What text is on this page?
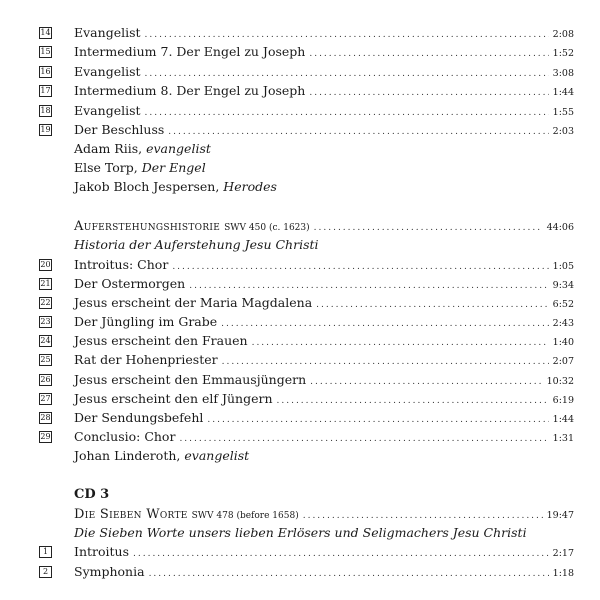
14 Evangelist .....	2:08
15 Intermedium 7. Der Engel zu Joseph .....	1:52
16 Evangelist .....	3:08
17 Intermedium 8. Der Engel zu Joseph .....	1:44
18 Evangelist .....	1:55
19 Der Beschluss .....	2:03
Adam Riis,
evangelist
Else Torp,
Der Engel
Jakob Bloch Jespersen,
Herodes
Auferstehungshistorie SWV 450 (c. 1623) .....	44:06
Historia der Auferstehung Jesu Christi
20 Introitus: Chor .....	1:05
21 Der Ostermorgen .....	9:34
22 Jesus erscheint der Maria Magdalena .....	6:52
23 Der Jüngling im Grabe .....	2:43
24 Jesus erscheint den Frauen .....	1:40
25 Rat der Hohenpriester .....	2:07
26 Jesus erscheint den Emmausjüngern .....	10:32
27 Jesus erscheint den elf Jüngern .....	6:19
28 Der Sendungsbefehl .....	1:44
29 Conclusio: Chor .....	1:31
Johan Linderoth,
evangelist
CD 3
Die Sieben Worte SWV 478 (before 1658) .....	19:47
Die Sieben Worte unsers lieben Erlösers und Seligmachers Jesu Christi
1	Introitus .....	2:17
2	Symphonia .....	1:18
